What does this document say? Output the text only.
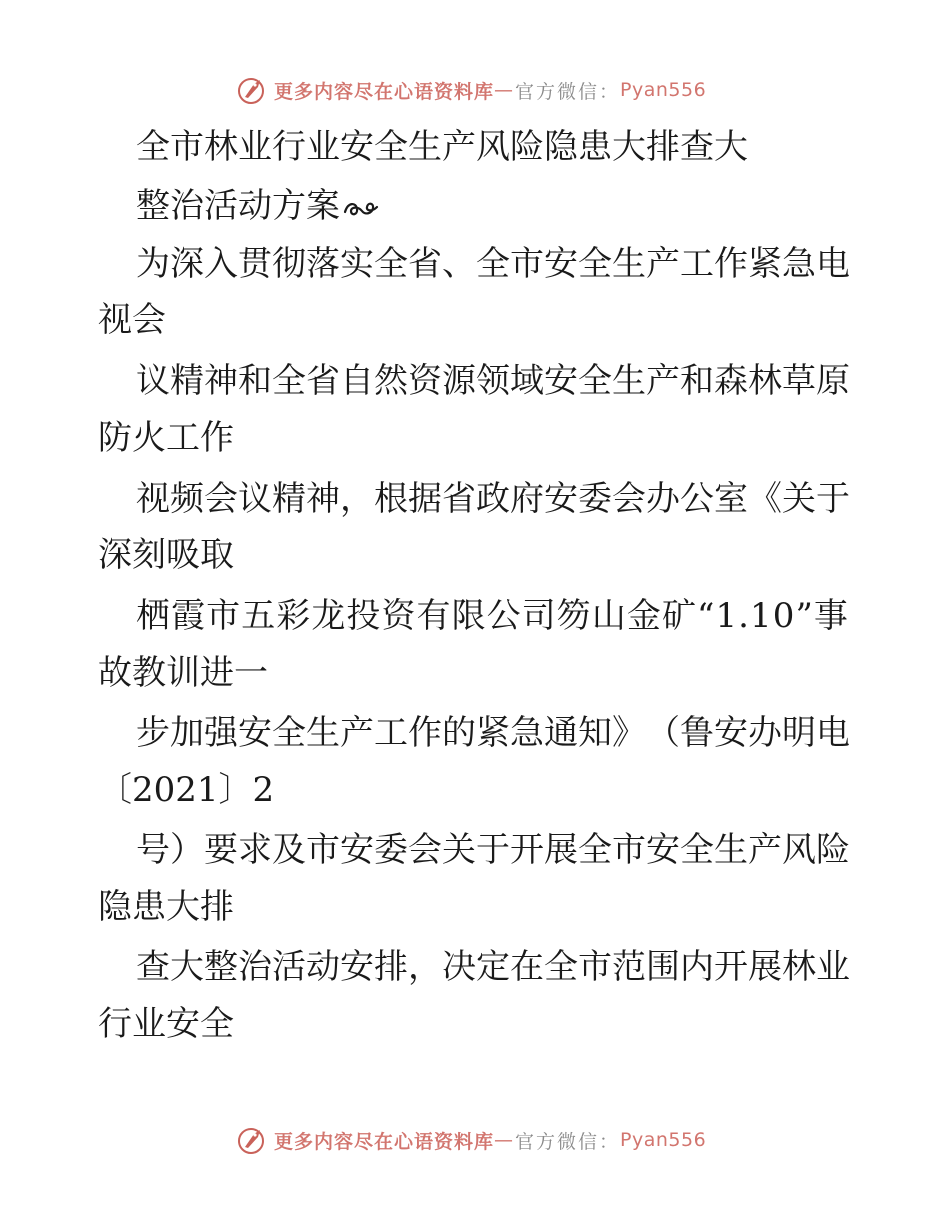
更多内容尽在心语资料库 — 官方微信： Pyan556
全市林业行业安全生产风险隐患大排查大
整治活动方案
为 深 入 贯 彻 落 实 全 省 、 全 市 安 全 生 产 工 作 紧 急 电
视会
议 精 神 和 全 省 自 然 资 源 领 域 安 全 生 产 和 森 林 草 原
防火工作
视 频 会 议 精 神 ， 根 据 省 政 府 安 委 会 办 公 室 《 关 于
深刻吸取
栖 霞 市 五 彩 龙 投 资 有 限 公 司 笏 山 金 矿 “ 1 . 1 0 ” 事
故教训进一
步 加 强 安 全 生 产 工 作 的 紧 急 通 知 》 （ 鲁 安 办 明 电
〔2021〕2
号 ） 要 求 及 市 安 委 会 关 于 开 展 全 市 安 全 生 产 风 险
隐患大排
查 大 整 治 活 动 安 排 ， 决 定 在 全 市 范 围 内 开 展 林 业
行业安全
更多内容尽在心语资料库 — 官方微信： Pyan556
